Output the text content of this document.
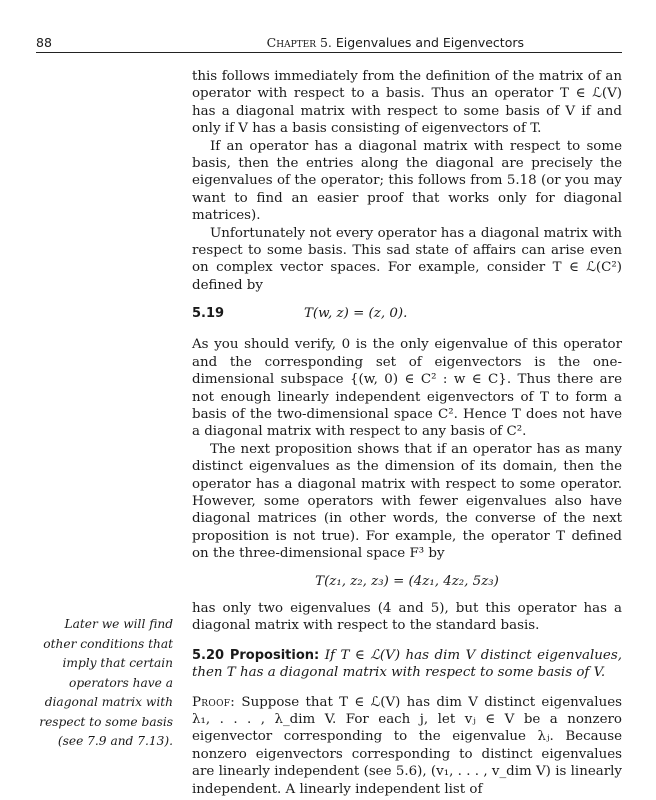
88	Chapter 5. Eigenvalues and Eigenvectors

this follows immediately from the definition of the matrix of an operator with respect to a basis. Thus an operator T ∈ ℒ(V) has a diagonal matrix with respect to some basis of V if and only if V has a basis consisting of eigenvectors of T.

If an operator has a diagonal matrix with respect to some basis, then the entries along the diagonal are precisely the eigenvalues of the operator; this follows from 5.18 (or you may want to find an easier proof that works only for diagonal matrices).

Unfortunately not every operator has a diagonal matrix with respect to some basis. This sad state of affairs can arise even on complex vector spaces. For example, consider T ∈ ℒ(C²) defined by

5.19	T(w, z) = (z, 0).

As you should verify, 0 is the only eigenvalue of this operator and the corresponding set of eigenvectors is the one-dimensional subspace {(w, 0) ∈ C² : w ∈ C}. Thus there are not enough linearly independent eigenvectors of T to form a basis of the two-dimensional space C². Hence T does not have a diagonal matrix with respect to any basis of C².

The next proposition shows that if an operator has as many distinct eigenvalues as the dimension of its domain, then the operator has a diagonal matrix with respect to some operator. However, some operators with fewer eigenvalues also have diagonal matrices (in other words, the converse of the next proposition is not true). For example, the operator T defined on the three-dimensional space F³ by

T(z₁, z₂, z₃) = (4z₁, 4z₂, 5z₃)

has only two eigenvalues (4 and 5), but this operator has a diagonal matrix with respect to the standard basis.

5.20 Proposition: If T ∈ ℒ(V) has dim V distinct eigenvalues, then T has a diagonal matrix with respect to some basis of V.

Proof: Suppose that T ∈ ℒ(V) has dim V distinct eigenvalues λ₁, . . . , λ_dim V. For each j, let vⱼ ∈ V be a nonzero eigenvector corresponding to the eigenvalue λⱼ. Because nonzero eigenvectors corresponding to distinct eigenvalues are linearly independent (see 5.6), (v₁, . . . , v_dim V) is linearly independent. A linearly independent list of

Later we will find other conditions that imply that certain operators have a diagonal matrix with respect to some basis (see 7.9 and 7.13).
